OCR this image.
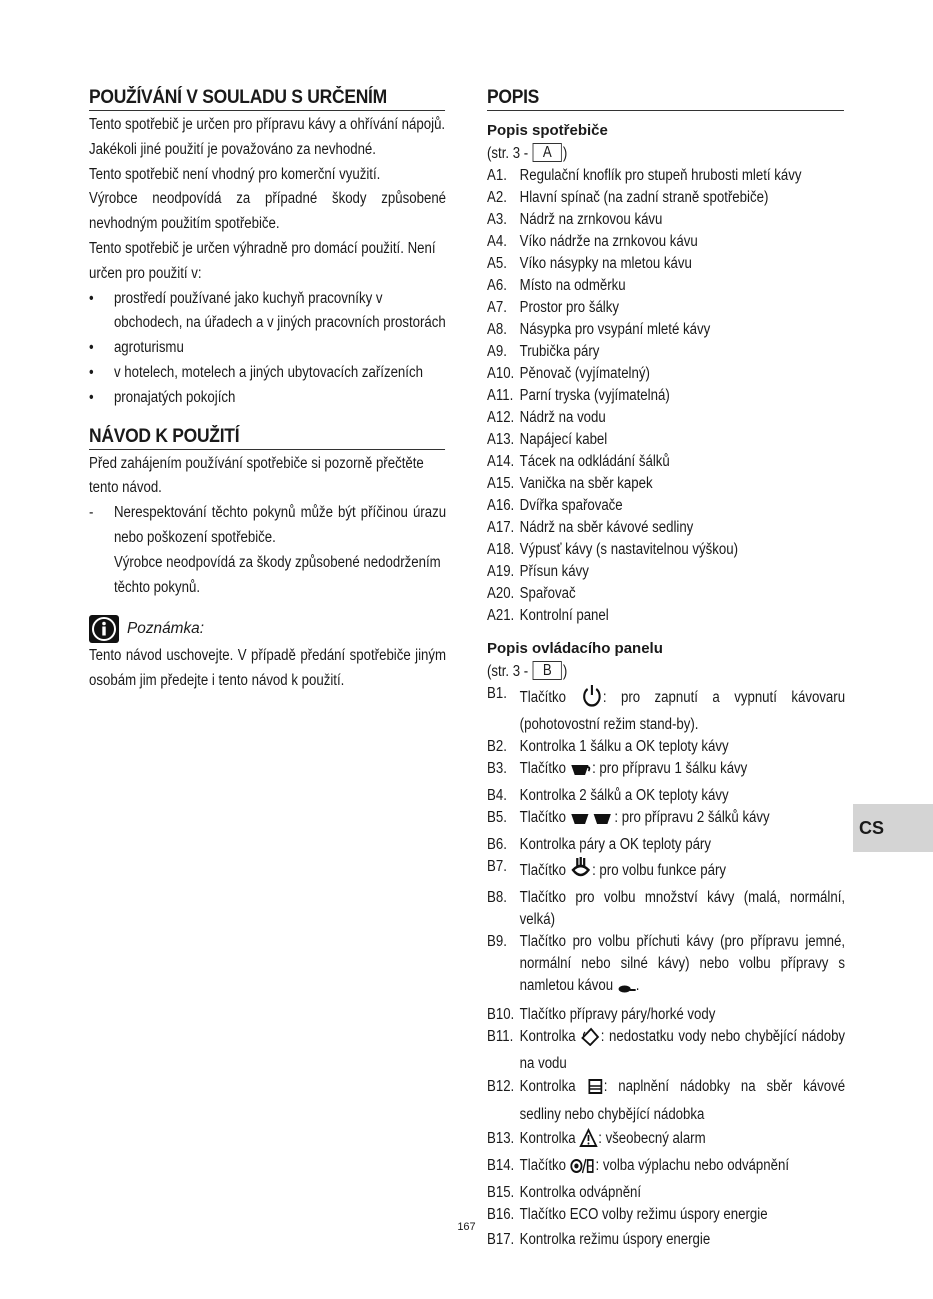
POUŽÍVÁNÍ V SOULADU S URČENÍM

Tento spotřebič je určen pro přípravu kávy a ohřívání nápojů.

Jakékoli jiné použití je považováno za nevhodné.

Tento spotřebič není vhodný pro komerční využití.

Výrobce neodpovídá za případné škody způsobené nevhodným použitím spotřebiče.

Tento spotřebič je určen výhradně pro domácí použití. Není určen pro použití v:

• prostředí používané jako kuchyň pracovníky v obchodech, na úřadech a v jiných pracovních prostorách
• agroturismu
• v hotelech, motelech a jiných ubytovacích zařízeních
• pronajatých pokojích
NÁVOD K POUŽITÍ

Před zahájením používání spotřebiče si pozorně přečtěte tento návod.

- Nerespektování těchto pokynů může být příčinou úrazu nebo poškození spotřebiče.
Výrobce neodpovídá za škody způsobené nedodržením těchto pokynů.
Poznámka:

Tento návod uschovejte. V případě předání spotřebiče jiným osobám jim předejte i tento návod k použití.

POPIS
Popis spotřebiče
(str. 3 - A )
A1. Regulační knoflík pro stupeň hrubosti mletí kávy
A2. Hlavní spínač (na zadní straně spotřebiče)
A3. Nádrž na zrnkovou kávu
A4. Víko nádrže na zrnkovou kávu
A5. Víko násypky na mletou kávu
A6. Místo na odměrku
A7. Prostor pro šálky
A8. Násypka pro vsypání mleté kávy
A9. Trubička páry
A10. Pěnovač (vyjímatelný)
A11. Parní tryska (vyjímatelná)
A12. Nádrž na vodu
A13. Napájecí kabel
A14. Tácek na odkládání šálků
A15. Vanička na sběr kapek
A16. Dvířka spařovače
A17. Nádrž na sběr kávové sedliny
A18. Výpusť kávy (s nastavitelnou výškou)
A19. Přísun kávy
A20. Spařovač
A21. Kontrolní panel
Popis ovládacího panelu
(str. 3 - B )
B1. Tlačítko : pro zapnutí a vypnutí kávovaru (pohotovostní režim stand-by).
B2. Kontrolka 1 šálku a OK teploty kávy
B3. Tlačítko : pro přípravu 1 šálku kávy
B4. Kontrolka 2 šálků a OK teploty kávy
B5. Tlačítko	: pro přípravu 2 šálků kávy
B6. Kontrolka páry a OK teploty páry
B7. Tlačítko : pro volbu funkce páry
B8. Tlačítko pro volbu množství kávy (malá, normální, velká)
B9. Tlačítko pro volbu příchuti kávy (pro přípravu jemné, normální nebo silné kávy) nebo volbu přípravy s namletou kávou .
B10. Tlačítko přípravy páry/horké vody
B11. Kontrolka : nedostatku vody nebo chybějící nádoby na vodu
B12. Kontrolka : naplnění nádobky na sběr kávové sedliny nebo chybějící nádobka
B13. Kontrolka : všeobecný alarm
B14. Tlačítko : volba výplachu nebo odvápnění
B15. Kontrolka odvápnění
B16. Tlačítko ECO volby režimu úspory energie
B17. Kontrolka režimu úspory energie
CS
167
